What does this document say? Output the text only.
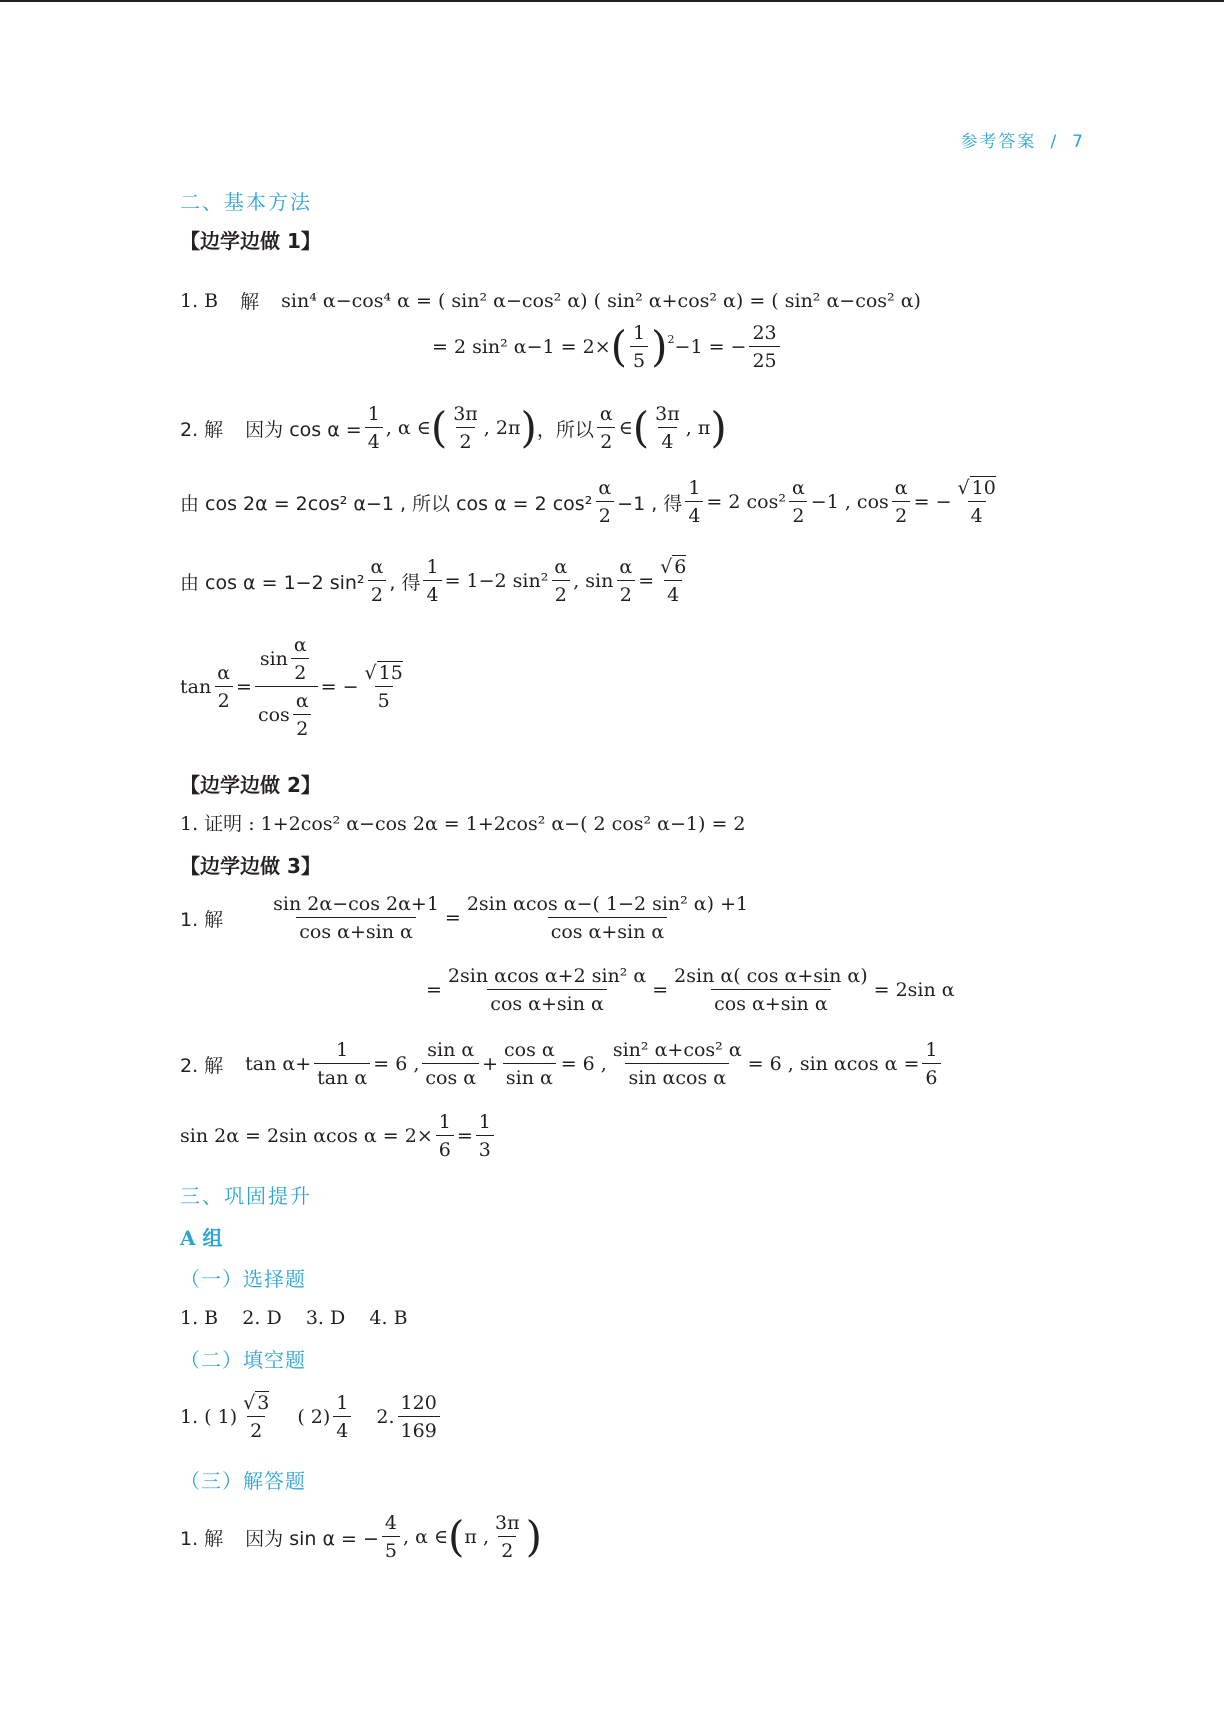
参考答案 / 7
二、基本方法
【边学边做 1】
1. B 解 sin⁴ α−cos⁴ α = ( sin² α−cos² α) ( sin² α+cos² α) = ( sin² α−cos² α)
= 2 sin² α−1 = 2× ( $\frac{1}{5}$ ) 2 −1 = − $\frac{23}{25}$
2. 解 因为 $\cos \alpha = \frac{1}{4}$ , α ∈ ( $\frac{3\pi}{2}$ , 2π ) ，所以 $\frac{\alpha}{2}$ ∈ ( $\frac{3\pi}{4}$ , π )
由 cos 2α = 2cos² α−1 , 所以 cos α = 2 $\cos^2 \frac{\alpha}{2} -1$ , 得 $\frac{1}{4} = 2$ $\cos^2 \frac{\alpha}{2} -1$ , $\cos \frac{\alpha}{2}$ = − $\frac{√ 10}{4}$
由 cos α = 1−2 $\sin^2 \frac{\alpha}{2}$ , 得 $\frac{1}{4} = 1-2$ $\sin^2 \frac{\alpha}{2}$ , $\sin \frac{\alpha}{2} = \frac{√ 6}{4}$
$\tan \frac{\alpha}{2} = \frac{\sin \frac{\alpha}{2}}{\cos \frac{\alpha}{2}}$ = − $\frac{√ 15}{5}$
【边学边做 2】
1. 证明 : 1+2cos² α−cos 2α = 1+2cos² α−( 2 cos² α−1) = 2
【边学边做 3】
1. 解 $\frac{\sin 2\alpha-\cos 2\alpha+1}{\text{cos α+sin α}} = \frac{\text{2sin αcos α−( 1−2 sin² α) +1}}{\text{cos α+sin α}}$
= $\frac{\text{2sin αcos α+2 sin² α}}{\text{cos α+sin α}} = \frac{\text{2sin α( cos α+sin α)}}{\text{cos α+sin α}} = 2\sin$ α
2. 解 $\tan \alpha+ \frac{1}{\text{tan α}} = 6$ , $\frac{\text{sin α}}{\text{cos α}} + \frac{\text{cos α}}{\text{sin α}} = 6$ , $\frac{\text{sin² α+cos² α}}{\text{sin αcos α}} = 6$ , sin αcos $\alpha = \frac{1}{6}$
sin 2α = 2sin αcos $\alpha = 2\times \frac{1}{6} = \frac{1}{3}$
三、巩固提升
A 组
（一）选择题
1. B    2. D    3. D    4. B
（二）填空题
1. ( $1) \frac{√ 3}{2}$ ( $2) \frac{1}{4} 2$. $\frac{120}{169}$
（三）解答题
1. 解 因为 sin α = − $\frac{4}{5}$ , α ∈ ( π , $\frac{3\pi}{2}$ )
